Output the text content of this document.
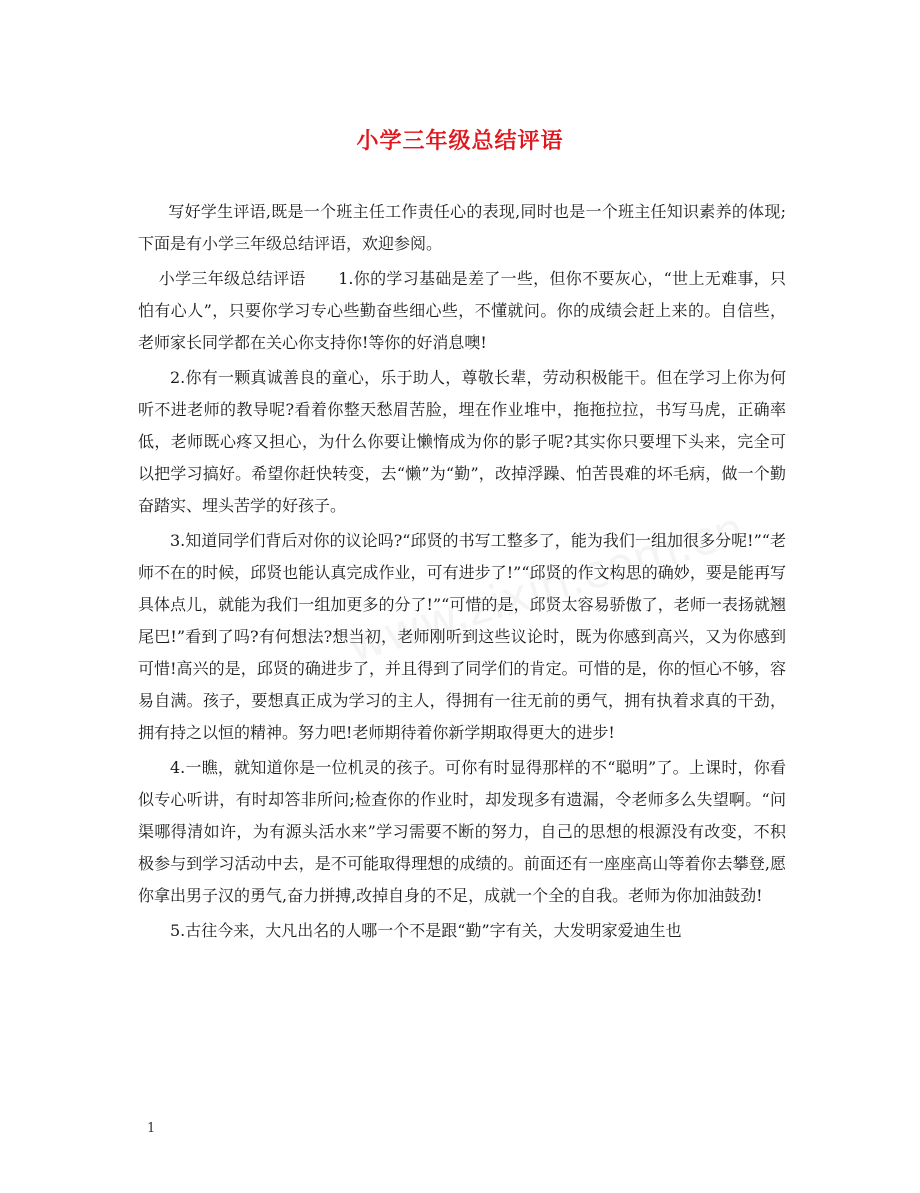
小学三年级总结评语

写好学生评语,既是一个班主任工作责任心的表现,同时也是一个班主任知识素养的体现;下面是有小学三年级总结评语，欢迎参阅。

小学三年级总结评语　　1.你的学习基础是差了一些，但你不要灰心，“世上无难事，只怕有心人”，只要你学习专心些勤奋些细心些，不懂就问。你的成绩会赶上来的。自信些，老师家长同学都在关心你支持你!等你的好消息噢!

2.你有一颗真诚善良的童心，乐于助人，尊敬长辈，劳动积极能干。但在学习上你为何听不进老师的教导呢?看着你整天愁眉苦脸，埋在作业堆中，拖拖拉拉，书写马虎，正确率低，老师既心疼又担心，为什么你要让懒惰成为你的影子呢?其实你只要埋下头来，完全可以把学习搞好。希望你赶快转变，去“懒”为“勤”，改掉浮躁、怕苦畏难的坏毛病，做一个勤奋踏实、埋头苦学的好孩子。

3.知道同学们背后对你的议论吗?“邱贤的书写工整多了，能为我们一组加很多分呢!”“老师不在的时候，邱贤也能认真完成作业，可有进步了!”“邱贤的作文构思的确妙，要是能再写具体点儿，就能为我们一组加更多的分了!”“可惜的是，邱贤太容易骄傲了，老师一表扬就翘尾巴!”看到了吗?有何想法?想当初，老师刚听到这些议论时，既为你感到高兴，又为你感到可惜!高兴的是，邱贤的确进步了，并且得到了同学们的肯定。可惜的是，你的恒心不够，容易自满。孩子，要想真正成为学习的主人，得拥有一往无前的勇气，拥有执着求真的干劲，拥有持之以恒的精神。努力吧!老师期待着你新学期取得更大的进步!

4.一瞧，就知道你是一位机灵的孩子。可你有时显得那样的不“聪明”了。上课时，你看似专心听讲，有时却答非所问;检查你的作业时，却发现多有遗漏，令老师多么失望啊。“问渠哪得清如许，为有源头活水来”学习需要不断的努力，自己的思想的根源没有改变，不积极参与到学习活动中去，是不可能取得理想的成绩的。前面还有一座座高山等着你去攀登,愿你拿出男子汉的勇气,奋力拼搏,改掉自身的不足，成就一个全的自我。老师为你加油鼓劲!

5.古往今来，大凡出名的人哪一个不是跟“勤”字有关，大发明家爱迪生也

1
